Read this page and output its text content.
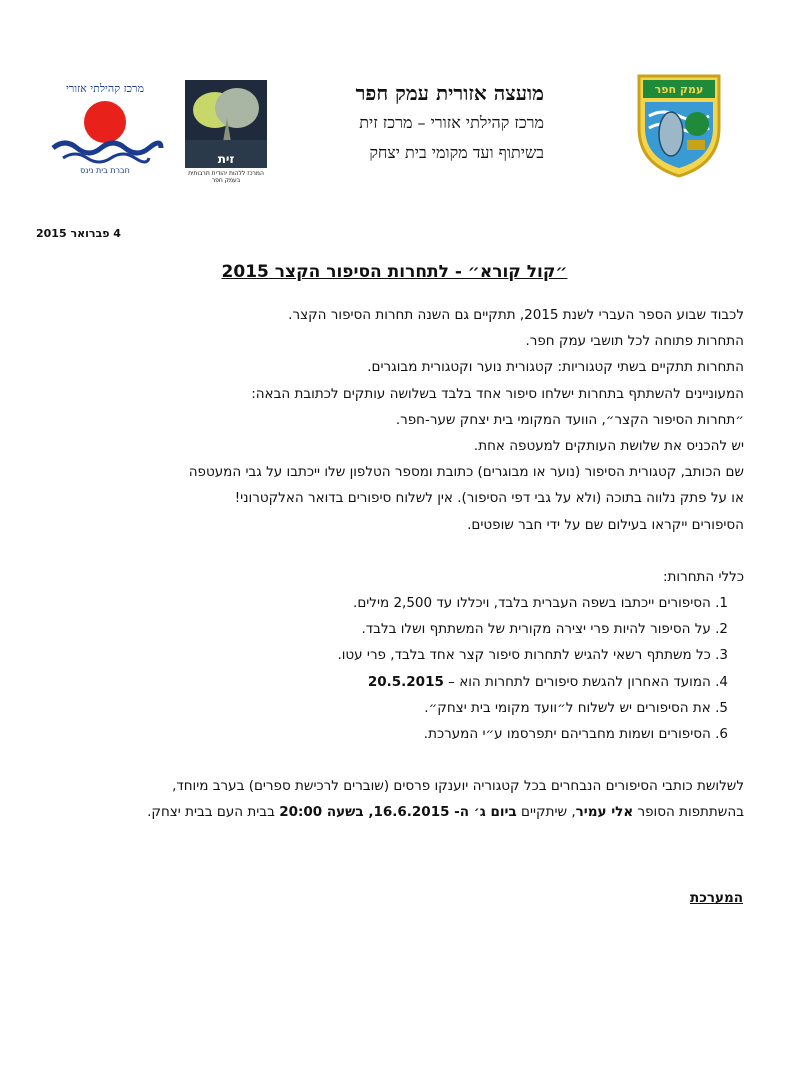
מרכז קהילתי אזורי
חברת בית נינס
זית
המרכז ללהות יהודית תרבותית בעמק חפר
מועצה אזורית עמק חפר
מרכז קהילתי אזורי – מרכז זית
בשיתוף ועד מקומי בית יצחק
עמק חפר
4 פברואר 2015
״קול קורא״ - לתחרות הסיפור הקצר 2015

לכבוד שבוע הספר העברי לשנת 2015, תתקיים גם השנה תחרות הסיפור הקצר.

התחרות פתוחה לכל תושבי עמק חפר.

התחרות תתקיים בשתי קטגוריות: קטגורית נוער וקטגורית מבוגרים.

המעוניינים להשתתף בתחרות ישלחו סיפור אחד בלבד בשלושה עותקים לכתובת הבאה:

״תחרות הסיפור הקצר״, הוועד המקומי בית יצחק שער-חפר.

יש להכניס את שלושת העותקים למעטפה אחת.

שם הכותב, קטגורית הסיפור (נוער או מבוגרים) כתובת ומספר הטלפון שלו ייכתבו על גבי המעטפה

או על פתק נלווה בתוכה (ולא על גבי דפי הסיפור). אין לשלוח סיפורים בדואר האלקטרוני!

הסיפורים ייקראו בעילום שם על ידי חבר שופטים.

כללי התחרות:

1. הסיפורים ייכתבו בשפה העברית בלבד, ויכללו עד 2,500 מילים.

2. על הסיפור להיות פרי יצירה מקורית של המשתתף ושלו בלבד.

3. כל משתתף רשאי להגיש לתחרות סיפור קצר אחד בלבד, פרי עטו.

4. המועד האחרון להגשת סיפורים לתחרות הוא – 20.5.2015

5. את הסיפורים יש לשלוח ל״וועד מקומי בית יצחק״.

6. הסיפורים ושמות מחבריהם יתפרסמו ע״י המערכת.

לשלושת כותבי הסיפורים הנבחרים בכל קטגוריה יוענקו פרסים (שוברים לרכישת ספרים) בערב מיוחד,

בהשתתפות הסופר אלי עמיר, שיתקיים ביום ג׳ ה- 16.6.2015, בשעה 20:00 בבית העם בבית יצחק.

המערכת
